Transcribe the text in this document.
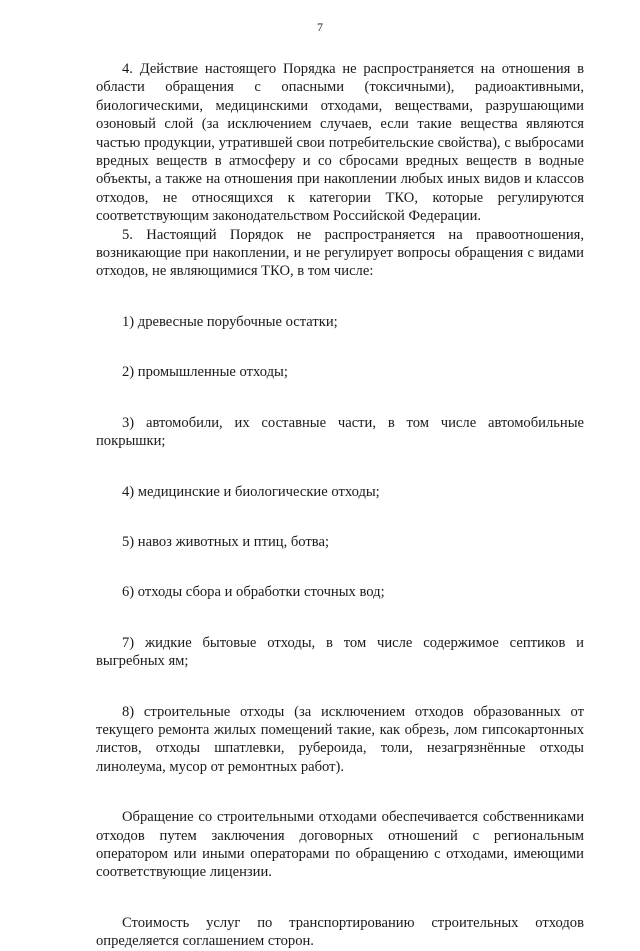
7

4. Действие настоящего Порядка не распространяется на отношения в области обращения с опасными (токсичными), радиоактивными, биологическими, медицинскими отходами, веществами, разрушающими озоновый слой (за исключением случаев, если такие вещества являются частью продукции, утратившей свои потребительские свойства), с выбросами вредных веществ в атмосферу и со сбросами вредных веществ в водные объекты, а также на отношения при накоплении любых иных видов и классов отходов, не относящихся к категории ТКО, которые регулируются соответствующим законодательством Российской Федерации.

5. Настоящий Порядок не распространяется на правоотношения, возникающие при накоплении, и не регулирует вопросы обращения с видами отходов, не являющимися ТКО, в том числе:

1) древесные порубочные остатки;

2) промышленные отходы;

3) автомобили, их составные части, в том числе автомобильные покрышки;

4) медицинские и биологические отходы;

5) навоз животных и птиц, ботва;

6) отходы сбора и обработки сточных вод;

7) жидкие бытовые отходы, в том числе содержимое септиков и выгребных ям;

8) строительные отходы (за исключением отходов образованных от текущего ремонта жилых помещений такие, как обрезь, лом гипсокартонных листов, отходы шпатлевки, рубероида, толи, незагрязнённые отходы линолеума, мусор от ремонтных работ).

Обращение со строительными отходами обеспечивается собственниками отходов путем заключения договорных отношений с региональным оператором или иными операторами по обращению с отходами, имеющими соответствующие лицензии.

Стоимость услуг по транспортированию строительных отходов определяется соглашением сторон.
